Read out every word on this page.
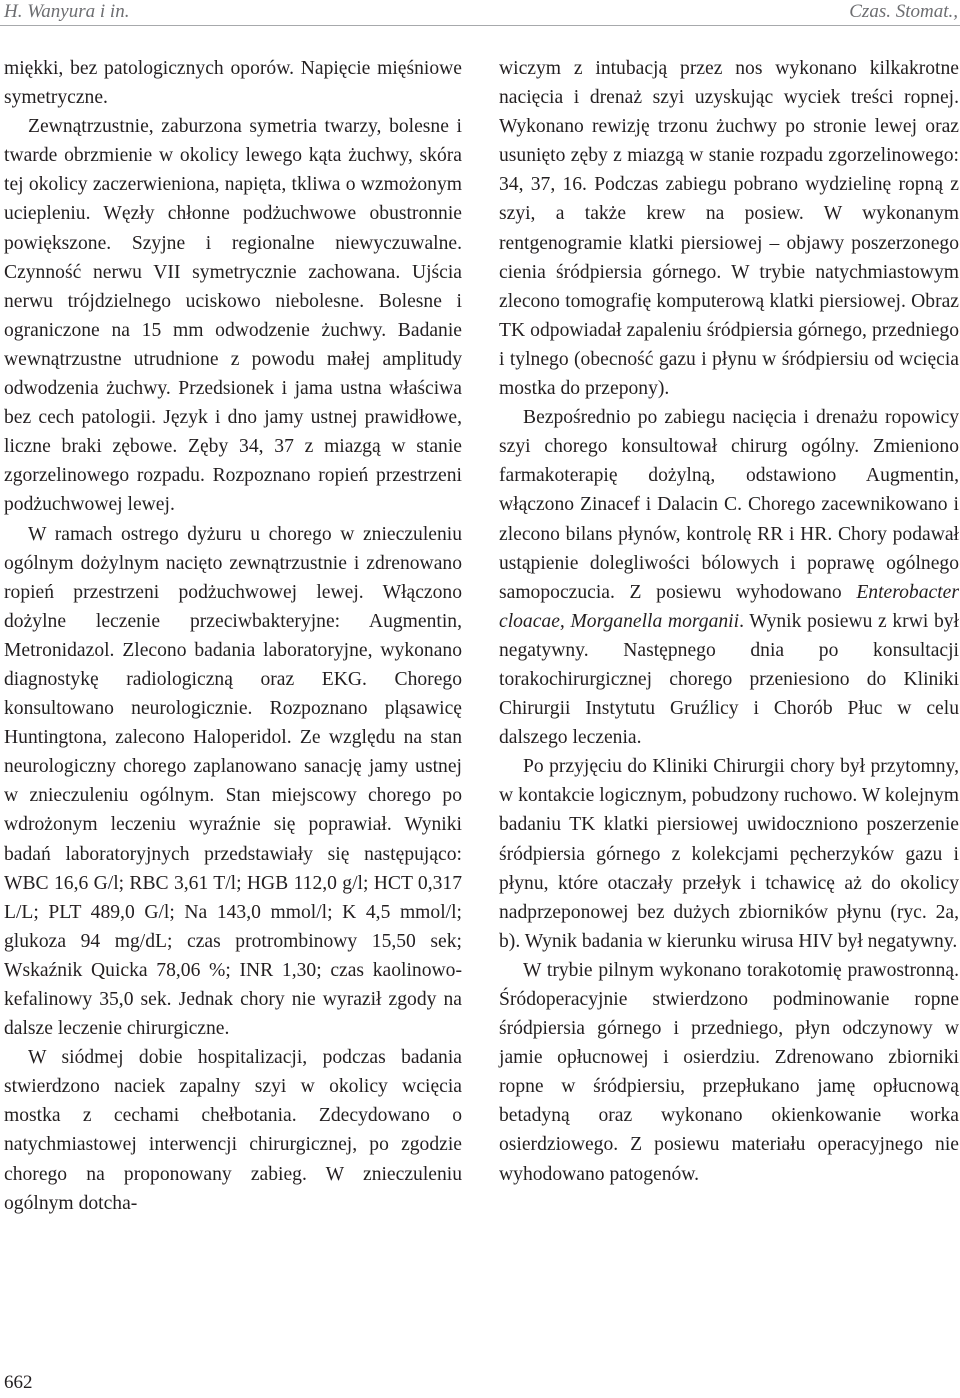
H. Wanyura i in.	Czas. Stomat.,

miękki, bez patologicznych oporów. Napięcie mięśniowe symetryczne.

Zewnątrzustnie, zaburzona symetria twarzy, bolesne i twarde obrzmienie w okolicy lewego kąta żuchwy, skóra tej okolicy zaczerwieniona, napięta, tkliwa o wzmożonym uciepleniu. Węzły chłonne podżuchwowe obustronnie powiększone. Szyjne i regionalne niewyczuwalne. Czynność nerwu VII symetrycznie zachowana. Ujścia nerwu trójdzielnego uciskowo niebolesne. Bolesne i ograniczone na 15 mm odwodzenie żuchwy. Badanie wewnątrzustne utrudnione z powodu małej amplitudy odwodzenia żuchwy. Przedsionek i jama ustna właściwa bez cech patologii. Język i dno jamy ustnej prawidłowe, liczne braki zębowe. Zęby 34, 37 z miazgą w stanie zgorzelinowego rozpadu. Rozpoznano ropień przestrzeni podżuchwowej lewej.

W ramach ostrego dyżuru u chorego w znieczuleniu ogólnym dożylnym nacięto zewnątrzustnie i zdrenowano ropień przestrzeni podżuchwowej lewej. Włączono dożylne leczenie przeciwbakteryjne: Augmentin, Metronidazol. Zlecono badania laboratoryjne, wykonano diagnostykę radiologiczną oraz EKG. Chorego konsultowano neurologicznie. Rozpoznano pląsawicę Huntingtona, zalecono Haloperidol. Ze względu na stan neurologiczny chorego zaplanowano sanację jamy ustnej w znieczuleniu ogólnym. Stan miejscowy chorego po wdrożonym leczeniu wyraźnie się poprawiał. Wyniki badań laboratoryjnych przedstawiały się następująco: WBC 16,6 G/l; RBC 3,61 T/l; HGB 112,0 g/l; HCT 0,317 L/L; PLT 489,0 G/l; Na 143,0 mmol/l; K 4,5 mmol/l; glukoza 94 mg/dL; czas protrombinowy 15,50 sek; Wskaźnik Quicka 78,06 %; INR 1,30; czas kaolinowo-kefalinowy 35,0 sek. Jednak chory nie wyraził zgody na dalsze leczenie chirurgiczne.

W siódmej dobie hospitalizacji, podczas badania stwierdzono naciek zapalny szyi w okolicy wcięcia mostka z cechami chełbotania. Zdecydowano o natychmiastowej interwencji chirurgicznej, po zgodzie chorego na proponowany zabieg. W znieczuleniu ogólnym dotcha-

wiczym z intubacją przez nos wykonano kilkakrotne nacięcia i drenaż szyi uzyskując wyciek treści ropnej. Wykonano rewizję trzonu żuchwy po stronie lewej oraz usunięto zęby z miazgą w stanie rozpadu zgorzelinowego: 34, 37, 16. Podczas zabiegu pobrano wydzielinę ropną z szyi, a także krew na posiew. W wykonanym rentgenogramie klatki piersiowej – objawy poszerzonego cienia śródpiersia górnego. W trybie natychmiastowym zlecono tomografię komputerową klatki piersiowej. Obraz TK odpowiadał zapaleniu śródpiersia górnego, przedniego i tylnego (obecność gazu i płynu w śródpiersiu od wcięcia mostka do przepony).

Bezpośrednio po zabiegu nacięcia i drenażu ropowicy szyi chorego konsultował chirurg ogólny. Zmieniono farmakoterapię dożylną, odstawiono Augmentin, włączono Zinacef i Dalacin C. Chorego zacewnikowano i zlecono bilans płynów, kontrolę RR i HR. Chory podawał ustąpienie dolegliwości bólowych i poprawę ogólnego samopoczucia. Z posiewu wyhodowano Enterobacter cloacae, Morganella morganii. Wynik posiewu z krwi był negatywny. Następnego dnia po konsultacji torakochirurgicznej chorego przeniesiono do Kliniki Chirurgii Instytutu Gruźlicy i Chorób Płuc w celu dalszego leczenia.

Po przyjęciu do Kliniki Chirurgii chory był przytomny, w kontakcie logicznym, pobudzony ruchowo. W kolejnym badaniu TK klatki piersiowej uwidoczniono poszerzenie śródpiersia górnego z kolekcjami pęcherzyków gazu i płynu, które otaczały przełyk i tchawicę aż do okolicy nadprzeponowej bez dużych zbiorników płynu (ryc. 2a, b). Wynik badania w kierunku wirusa HIV był negatywny.

W trybie pilnym wykonano torakotomię prawostronną. Śródoperacyjnie stwierdzono podminowanie ropne śródpiersia górnego i przedniego, płyn odczynowy w jamie opłucnowej i osierdziu. Zdrenowano zbiorniki ropne w śródpiersiu, przepłukano jamę opłucnową betadyną oraz wykonano okienkowanie worka osierdziowego. Z posiewu materiału operacyjnego nie wyhodowano patogenów.

662
